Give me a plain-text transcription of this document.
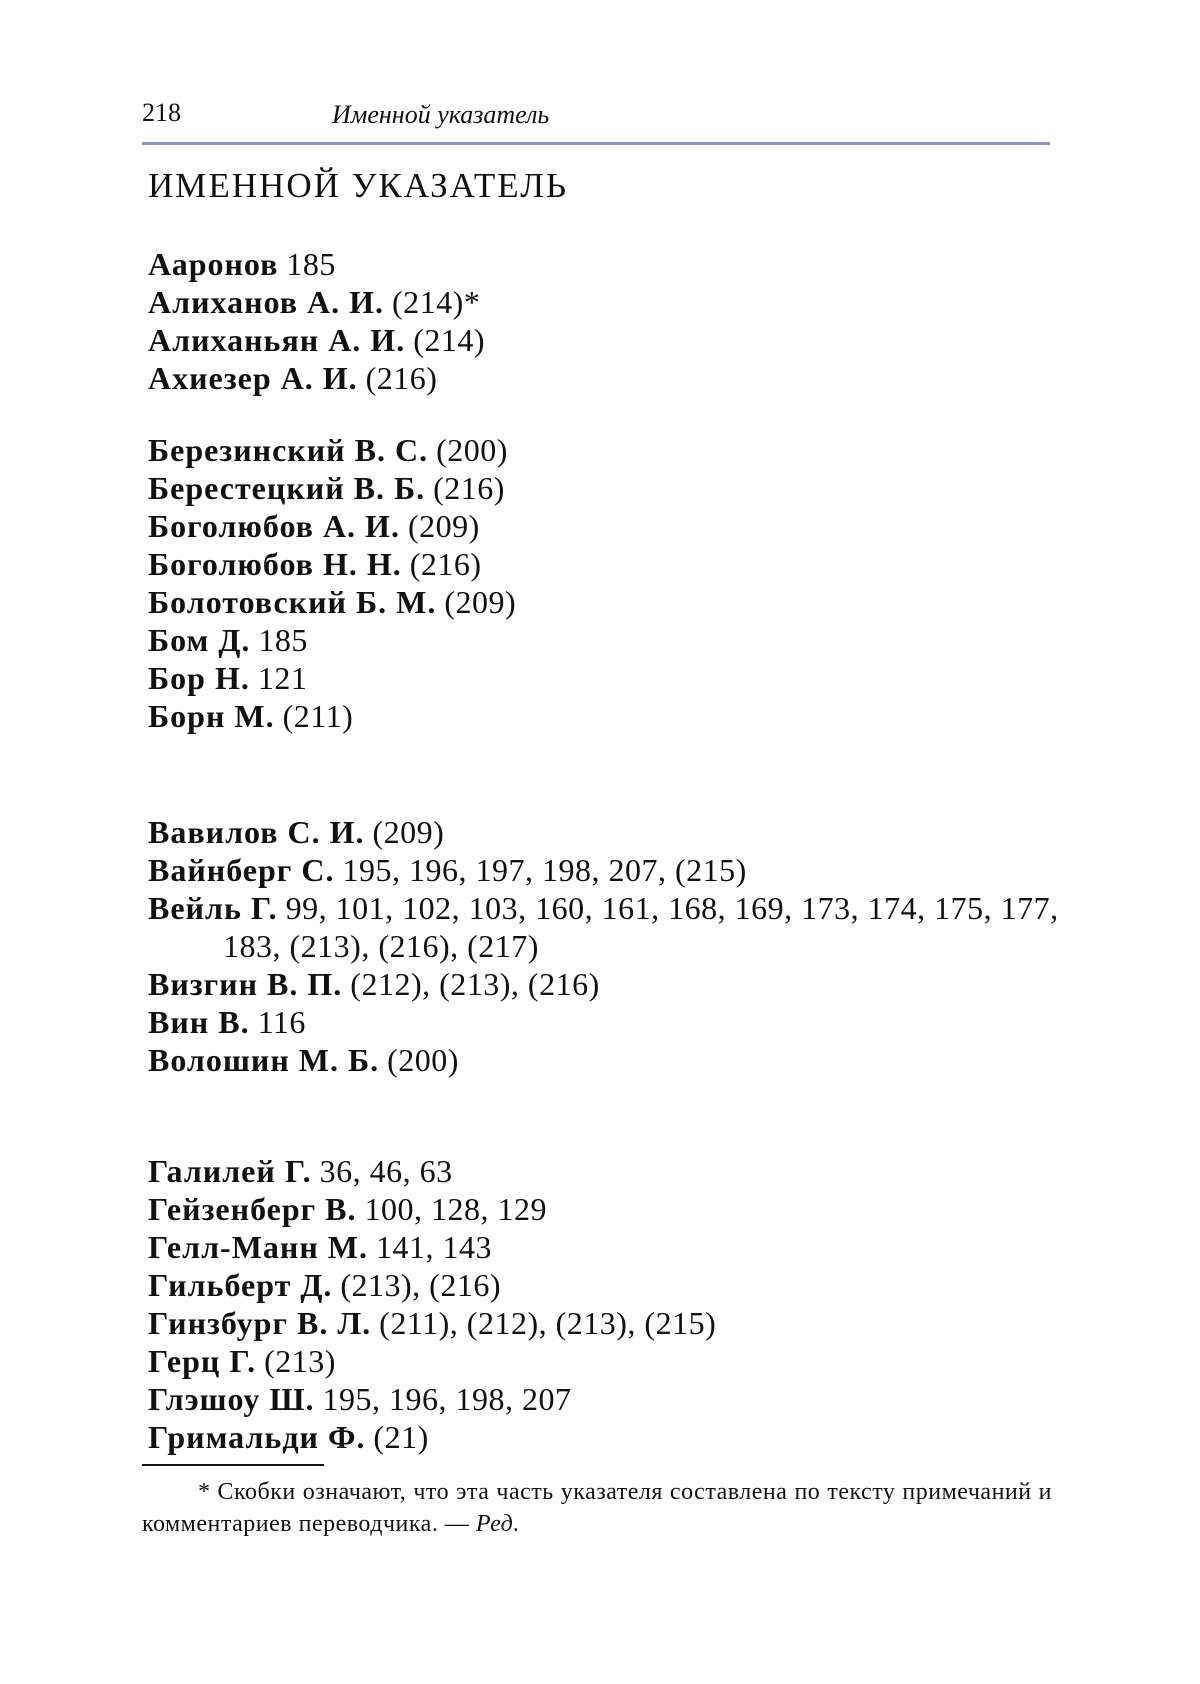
218	Именной указатель
ИМЕННОЙ УКАЗАТЕЛЬ
Ааронов 185
Алиханов А. И. (214)*
Алиханьян А. И. (214)
Ахиезер А. И. (216)
Березинский В. С. (200)
Берестецкий В. Б. (216)
Боголюбов А. И. (209)
Боголюбов Н. Н. (216)
Болотовский Б. М. (209)
Бом Д. 185
Бор Н. 121
Борн М. (211)
Вавилов С. И. (209)
Вайнберг С. 195, 196, 197, 198, 207, (215)
Вейль Г. 99, 101, 102, 103, 160, 161, 168, 169, 173, 174, 175, 177, 183, (213), (216), (217)
Визгин В. П. (212), (213), (216)
Вин В. 116
Волошин М. Б. (200)
Галилей Г. 36, 46, 63
Гейзенберг В. 100, 128, 129
Гелл-Манн М. 141, 143
Гильберт Д. (213), (216)
Гинзбург В. Л. (211), (212), (213), (215)
Герц Г. (213)
Глэшоу Ш. 195, 196, 198, 207
Гримальди Ф. (21)

* Скобки означают, что эта часть указателя составлена по тексту примечаний и комментариев переводчика. — Ред.
